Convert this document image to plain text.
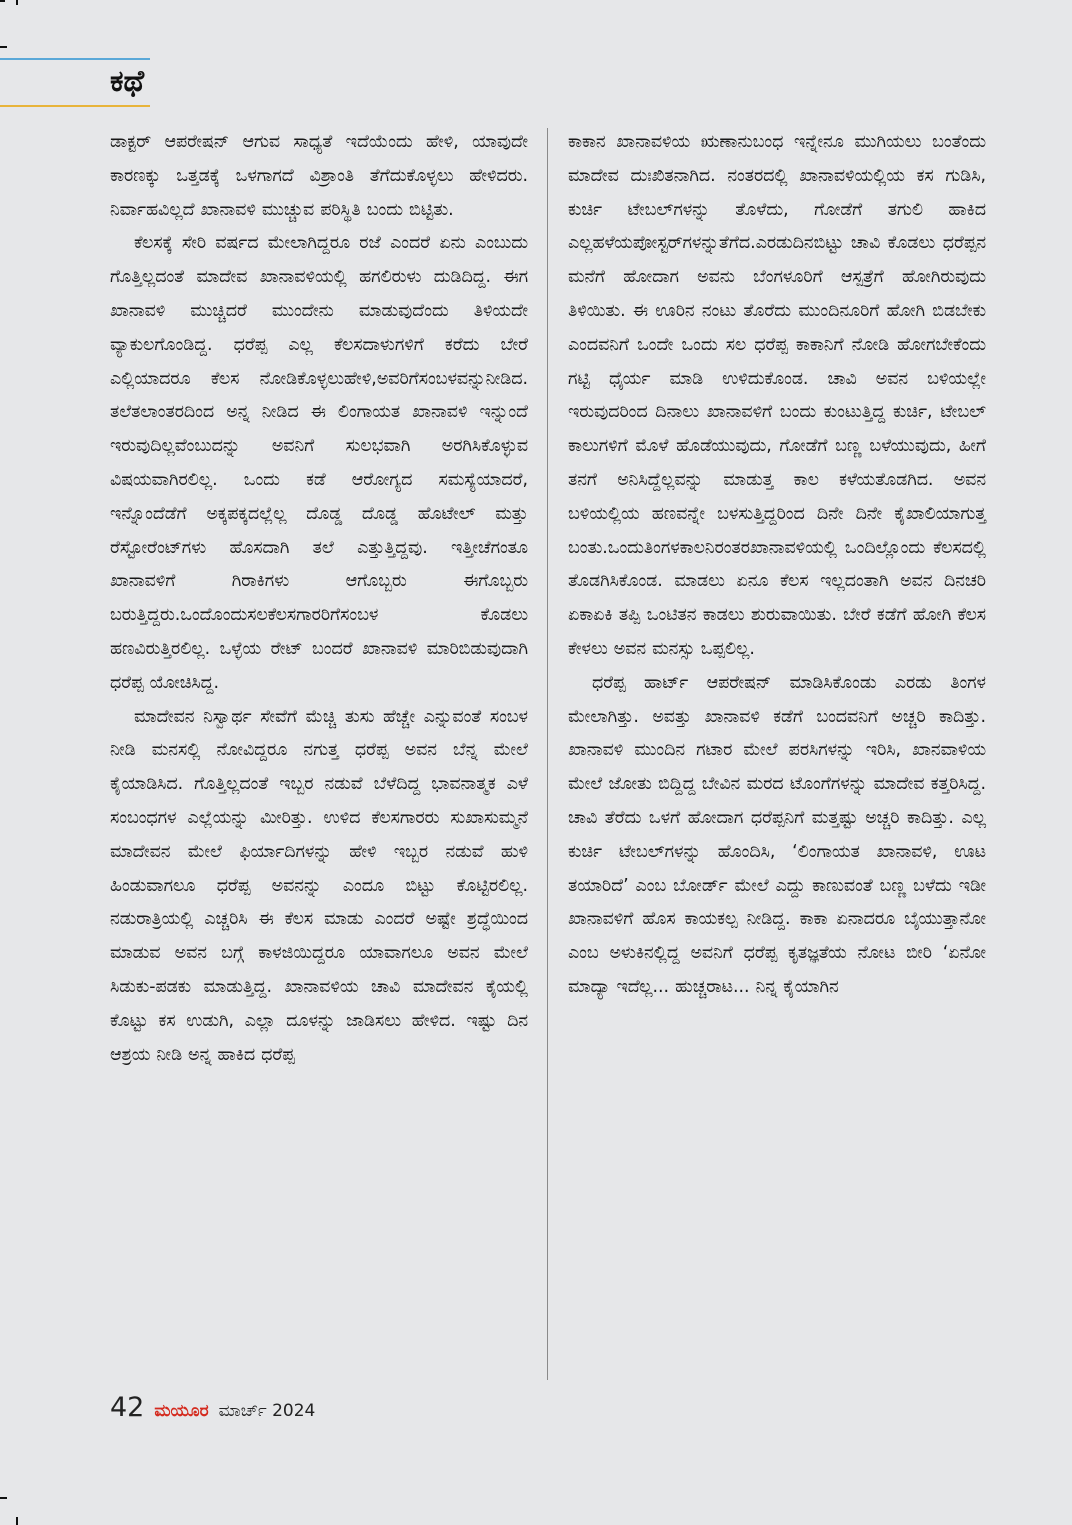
ಕಥೆ

ಡಾಕ್ಟರ್ ಆಪರೇಷನ್ ಆಗುವ ಸಾಧ್ಯತೆ ಇದೆಯೆಂದು ಹೇಳಿ, ಯಾವುದೇ ಕಾರಣಕ್ಕು ಒತ್ತಡಕ್ಕೆ ಒಳಗಾಗದೆ ವಿಶ್ರಾಂತಿ ತೆಗೆದುಕೊಳ್ಳಲು ಹೇಳಿದರು. ನಿರ್ವಾಹವಿಲ್ಲದೆ ಖಾನಾವಳಿ ಮುಚ್ಚುವ ಪರಿಸ್ಥಿತಿ ಬಂದು ಬಿಟ್ಟಿತು.

ಕೆಲಸಕ್ಕೆ ಸೇರಿ ವರ್ಷದ ಮೇಲಾಗಿದ್ದರೂ ರಜೆ ಎಂದರೆ ಏನು ಎಂಬುದು ಗೊತ್ತಿಲ್ಲದಂತೆ ಮಾದೇವ ಖಾನಾವಳಿಯಲ್ಲಿ ಹಗಲಿರುಳು ದುಡಿದಿದ್ದ. ಈಗ ಖಾನಾವಳಿ ಮುಚ್ಚಿದರೆ ಮುಂದೇನು ಮಾಡುವುದೆಂದು ತಿಳಿಯದೇ ವ್ಯಾಕುಲಗೊಂಡಿದ್ದ. ಧರೆಪ್ಪ ಎಲ್ಲ ಕೆಲಸದಾಳುಗಳಿಗೆ ಕರೆದು ಬೇರೆ ಎಲ್ಲಿಯಾದರೂ ಕೆಲಸ ನೋಡಿಕೊಳ್ಳಲುಹೇಳಿ,ಅವರಿಗೆಸಂಬಳವನ್ನುನೀಡಿದ. ತಲೆತಲಾಂತರದಿಂದ ಅನ್ನ ನೀಡಿದ ಈ ಲಿಂಗಾಯತ ಖಾನಾವಳಿ ಇನ್ನುಂದೆ ಇರುವುದಿಲ್ಲವೆಂಬುದನ್ನು ಅವನಿಗೆ ಸುಲಭವಾಗಿ ಅರಗಿಸಿಕೊಳ್ಳುವ ವಿಷಯವಾಗಿರಲಿಲ್ಲ. ಒಂದು ಕಡೆ ಆರೋಗ್ಯದ ಸಮಸ್ಯೆಯಾದರೆ, ಇನ್ನೊಂದೆಡೆಗೆ ಅಕ್ಕಪಕ್ಕದಲ್ಲೆಲ್ಲ ದೊಡ್ಡ ದೊಡ್ಡ ಹೊಟೇಲ್ ಮತ್ತು ರೆಸ್ಟೋರೆಂಟ್‌ಗಳು ಹೊಸದಾಗಿ ತಲೆ ಎತ್ತುತ್ತಿದ್ದವು. ಇತ್ತೀಚೆಗಂತೂ ಖಾನಾವಳಿಗೆ ಗಿರಾಕಿಗಳು ಆಗೊಬ್ಬರು ಈಗೊಬ್ಬರು ಬರುತ್ತಿದ್ದರು.ಒಂದೊಂದುಸಲಕೆಲಸಗಾರರಿಗೆಸಂಬಳ ಕೊಡಲು ಹಣವಿರುತ್ತಿರಲಿಲ್ಲ. ಒಳ್ಳೆಯ ರೇಟ್ ಬಂದರೆ ಖಾನಾವಳಿ ಮಾರಿಬಿಡುವುದಾಗಿ ಧರೆಪ್ಪ ಯೋಚಿಸಿದ್ದ.

ಮಾದೇವನ ನಿಸ್ವಾರ್ಥ ಸೇವೆಗೆ ಮೆಚ್ಚಿ ತುಸು ಹೆಚ್ಚೇ ಎನ್ನುವಂತೆ ಸಂಬಳ ನೀಡಿ ಮನಸಲ್ಲಿ ನೋವಿದ್ದರೂ ನಗುತ್ತ ಧರೆಪ್ಪ ಅವನ ಬೆನ್ನ ಮೇಲೆ ಕೈಯಾಡಿಸಿದ. ಗೊತ್ತಿಲ್ಲದಂತೆ ಇಬ್ಬರ ನಡುವೆ ಬೆಳೆದಿದ್ದ ಭಾವನಾತ್ಮಕ ಎಳೆ ಸಂಬಂಧಗಳ ಎಲ್ಲೆಯನ್ನು ಮೀರಿತ್ತು. ಉಳಿದ ಕೆಲಸಗಾರರು ಸುಖಾಸುಮ್ಮನೆ ಮಾದೇವನ ಮೇಲೆ ಫಿರ್ಯಾದಿಗಳನ್ನು ಹೇಳಿ ಇಬ್ಬರ ನಡುವೆ ಹುಳಿ ಹಿಂಡುವಾಗಲೂ ಧರೆಪ್ಪ ಅವನನ್ನು ಎಂದೂ ಬಿಟ್ಟು ಕೊಟ್ಟಿರಲಿಲ್ಲ. ನಡುರಾತ್ರಿಯಲ್ಲಿ ಎಚ್ಚರಿಸಿ ಈ ಕೆಲಸ ಮಾಡು ಎಂದರೆ ಅಷ್ಟೇ ಶ್ರದ್ಧೆಯಿಂದ ಮಾಡುವ ಅವನ ಬಗ್ಗೆ ಕಾಳಜಿಯಿದ್ದರೂ ಯಾವಾಗಲೂ ಅವನ ಮೇಲೆ ಸಿಡುಕು-ಪಡಕು ಮಾಡುತ್ತಿದ್ದ. ಖಾನಾವಳಿಯ ಚಾವಿ ಮಾದೇವನ ಕೈಯಲ್ಲಿ ಕೊಟ್ಟು ಕಸ ಉಡುಗಿ, ಎಲ್ಲಾ ದೂಳನ್ನು ಜಾಡಿಸಲು ಹೇಳಿದ. ಇಷ್ಟು ದಿನ ಆಶ್ರಯ ನೀಡಿ ಅನ್ನ ಹಾಕಿದ ಧರೆಪ್ಪ

ಕಾಕಾನ ಖಾನಾವಳಿಯ ಋಣಾನುಬಂಧ ಇನ್ನೇನೂ ಮುಗಿಯಲು ಬಂತೆಂದು ಮಾದೇವ ದುಃಖಿತನಾಗಿದ. ನಂತರದಲ್ಲಿ ಖಾನಾವಳಿಯಲ್ಲಿಯ ಕಸ ಗುಡಿಸಿ, ಕುರ್ಚಿ ಟೇಬಲ್‌ಗಳನ್ನು ತೊಳೆದು, ಗೋಡೆಗೆ ತಗುಲಿ ಹಾಕಿದ ಎಲ್ಲಹಳೆಯಪೋಸ್ಟರ್‌ಗಳನ್ನುತೆಗೆದ.ಎರಡುದಿನಬಿಟ್ಟು ಚಾವಿ ಕೊಡಲು ಧರೆಪ್ಪನ ಮನೆಗೆ ಹೋದಾಗ ಅವನು ಬೆಂಗಳೂರಿಗೆ ಆಸ್ಪತ್ರೆಗೆ ಹೋಗಿರುವುದು ತಿಳಿಯಿತು. ಈ ಊರಿನ ನಂಟು ತೊರೆದು ಮುಂದಿನೂರಿಗೆ ಹೋಗಿ ಬಿಡಬೇಕು ಎಂದವನಿಗೆ ಒಂದೇ ಒಂದು ಸಲ ಧರೆಪ್ಪ ಕಾಕಾನಿಗೆ ನೋಡಿ ಹೋಗಬೇಕೆಂದು ಗಟ್ಟಿ ಧೈರ್ಯ ಮಾಡಿ ಉಳಿದುಕೊಂಡ. ಚಾವಿ ಅವನ ಬಳಿಯಲ್ಲೇ ಇರುವುದರಿಂದ ದಿನಾಲು ಖಾನಾವಳಿಗೆ ಬಂದು ಕುಂಟುತ್ತಿದ್ದ ಕುರ್ಚಿ, ಟೇಬಲ್ ಕಾಲುಗಳಿಗೆ ಮೊಳೆ ಹೊಡೆಯುವುದು, ಗೋಡೆಗೆ ಬಣ್ಣ ಬಳೆಯುವುದು, ಹೀಗೆ ತನಗೆ ಅನಿಸಿದ್ದೆಲ್ಲವನ್ನು ಮಾಡುತ್ತ ಕಾಲ ಕಳೆಯತೊಡಗಿದ. ಅವನ ಬಳಿಯಲ್ಲಿಯ ಹಣವನ್ನೇ ಬಳಸುತ್ತಿದ್ದರಿಂದ ದಿನೇ ದಿನೇ ಕೈಖಾಲಿಯಾಗುತ್ತ ಬಂತು.ಒಂದುತಿಂಗಳಕಾಲನಿರಂತರಖಾನಾವಳಿಯಲ್ಲಿ ಒಂದಿಲ್ಲೊಂದು ಕೆಲಸದಲ್ಲಿ ತೊಡಗಿಸಿಕೊಂಡ. ಮಾಡಲು ಏನೂ ಕೆಲಸ ಇಲ್ಲದಂತಾಗಿ ಅವನ ದಿನಚರಿ ಏಕಾಏಕಿ ತಪ್ಪಿ ಒಂಟಿತನ ಕಾಡಲು ಶುರುವಾಯಿತು. ಬೇರೆ ಕಡೆಗೆ ಹೋಗಿ ಕೆಲಸ ಕೇಳಲು ಅವನ ಮನಸ್ಸು ಒಪ್ಪಲಿಲ್ಲ.

ಧರೆಪ್ಪ ಹಾರ್ಟ್ ಆಪರೇಷನ್ ಮಾಡಿಸಿಕೊಂಡು ಎರಡು ತಿಂಗಳ ಮೇಲಾಗಿತ್ತು. ಅವತ್ತು ಖಾನಾವಳಿ ಕಡೆಗೆ ಬಂದವನಿಗೆ ಅಚ್ಚರಿ ಕಾದಿತ್ತು. ಖಾನಾವಳಿ ಮುಂದಿನ ಗಟಾರ ಮೇಲೆ ಪರಸಿಗಳನ್ನು ಇರಿಸಿ, ಖಾನವಾಳಿಯ ಮೇಲೆ ಜೋತು ಬಿದ್ದಿದ್ದ ಬೇವಿನ ಮರದ ಟೊಂಗೆಗಳನ್ನು ಮಾದೇವ ಕತ್ತರಿಸಿದ್ದ. ಚಾವಿ ತೆರೆದು ಒಳಗೆ ಹೋದಾಗ ಧರೆಪ್ಪನಿಗೆ ಮತ್ತಷ್ಟು ಅಚ್ಚರಿ ಕಾದಿತ್ತು. ಎಲ್ಲ ಕುರ್ಚಿ ಟೇಬಲ್‌ಗಳನ್ನು ಹೊಂದಿಸಿ, ‘ಲಿಂಗಾಯತ ಖಾನಾವಳಿ, ಊಟ ತಯಾರಿದೆ’ ಎಂಬ ಬೋರ್ಡ್ ಮೇಲೆ ಎದ್ದು ಕಾಣುವಂತೆ ಬಣ್ಣ ಬಳೆದು ಇಡೀ ಖಾನಾವಳಿಗೆ ಹೊಸ ಕಾಯಕಲ್ಪ ನೀಡಿದ್ದ. ಕಾಕಾ ಏನಾದರೂ ಬೈಯುತ್ತಾನೋ ಎಂಬ ಅಳುಕಿನಲ್ಲಿದ್ದ ಅವನಿಗೆ ಧರೆಪ್ಪ ಕೃತಜ್ಞತೆಯ ನೋಟ ಬೀರಿ ‘ಏನೋ ಮಾದ್ಯಾ ಇದೆಲ್ಲ... ಹುಚ್ಚರಾಟ... ನಿನ್ನ ಕೈಯಾಗಿನ

42 ಮಯೂರ ಮಾರ್ಚ್ 2024
